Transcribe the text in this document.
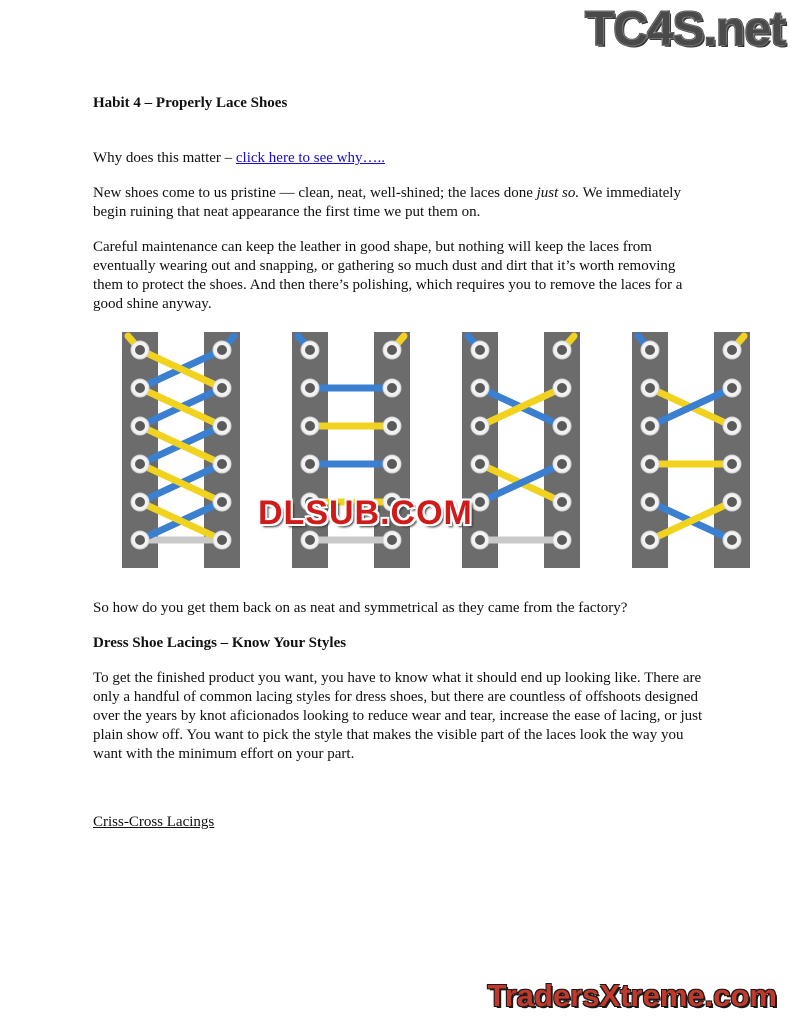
TC4S.net

Habit 4 – Properly Lace Shoes

Why does this matter – click here to see why…..

New shoes come to us pristine — clean, neat, well-shined; the laces done just so. We immediately begin ruining that neat appearance the first time we put them on.

Careful maintenance can keep the leather in good shape, but nothing will keep the laces from eventually wearing out and snapping, or gathering so much dust and dirt that it’s worth removing them to protect the shoes. And then there’s polishing, which requires you to remove the laces for a good shine anyway.

DLSUB.COM

So how do you get them back on as neat and symmetrical as they came from the factory?

Dress Shoe Lacings – Know Your Styles

To get the finished product you want, you have to know what it should end up looking like. There are only a handful of common lacing styles for dress shoes, but there are countless of offshoots designed over the years by knot aficionados looking to reduce wear and tear, increase the ease of lacing, or just plain show off. You want to pick the style that makes the visible part of the laces look the way you want with the minimum effort on your part.

Criss-Cross Lacings

TradersXtreme.com
